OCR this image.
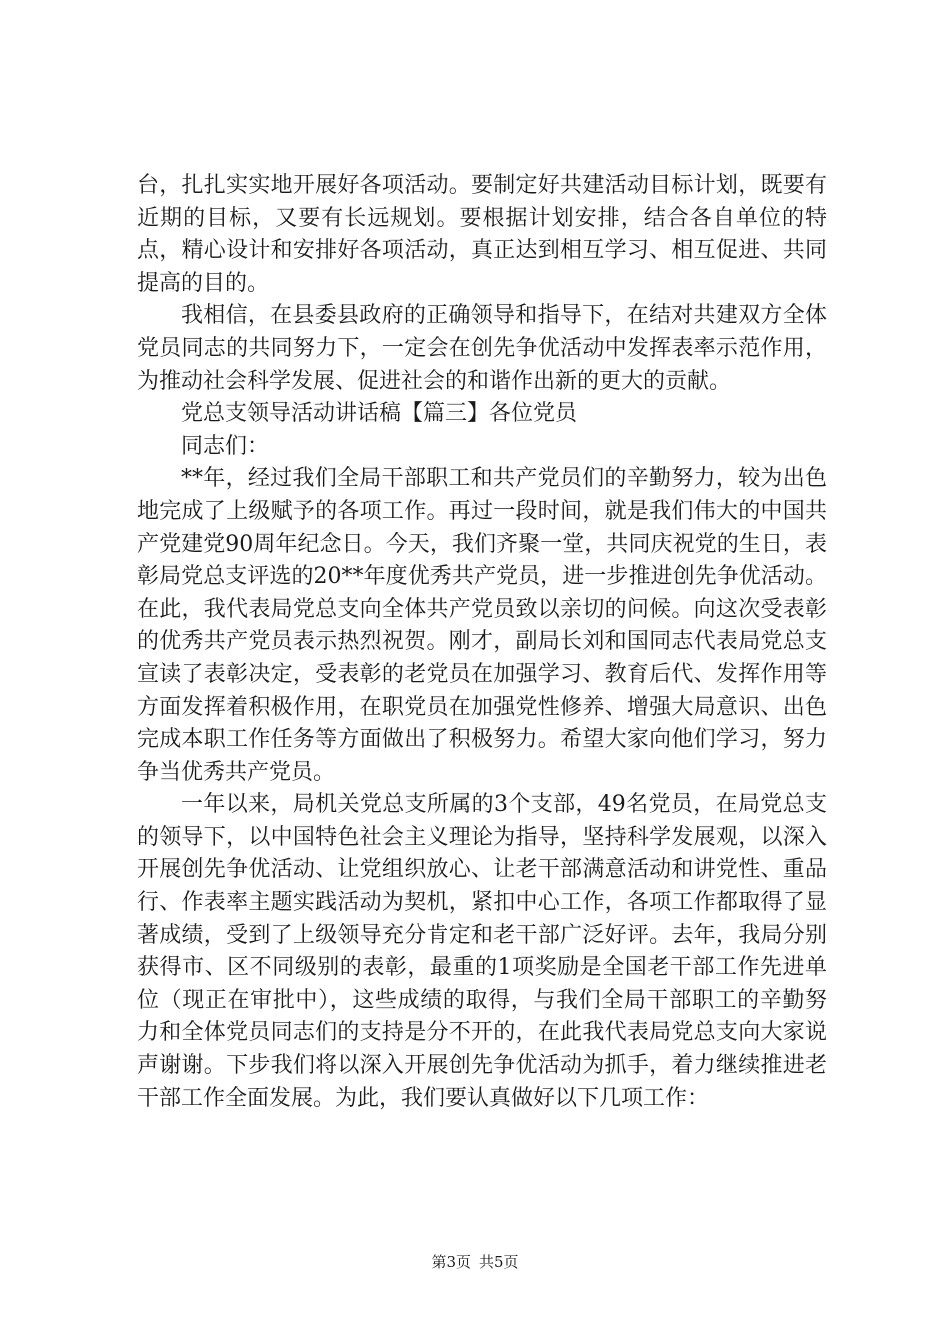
台，扎扎实实地开展好各项活动。要制定好共建活动目标计划，既要有近期的目标，又要有长远规划。要根据计划安排，结合各自单位的特点，精心设计和安排好各项活动，真正达到相互学习、相互促进、共同提高的目的。

我相信，在县委县政府的正确领导和指导下，在结对共建双方全体党员同志的共同努力下，一定会在创先争优活动中发挥表率示范作用，为推动社会科学发展、促进社会的和谐作出新的更大的贡献。

党总支领导活动讲话稿【篇三】各位党员

同志们：

**年，经过我们全局干部职工和共产党员们的辛勤努力，较为出色地完成了上级赋予的各项工作。再过一段时间，就是我们伟大的中国共产党建党90周年纪念日。今天，我们齐聚一堂，共同庆祝党的生日，表彰局党总支评选的20**年度优秀共产党员，进一步推进创先争优活动。在此，我代表局党总支向全体共产党员致以亲切的问候。向这次受表彰的优秀共产党员表示热烈祝贺。刚才，副局长刘和国同志代表局党总支宣读了表彰决定，受表彰的老党员在加强学习、教育后代、发挥作用等方面发挥着积极作用，在职党员在加强党性修养、增强大局意识、出色完成本职工作任务等方面做出了积极努力。希望大家向他们学习，努力争当优秀共产党员。

一年以来，局机关党总支所属的3个支部，49名党员，在局党总支的领导下，以中国特色社会主义理论为指导，坚持科学发展观，以深入开展创先争优活动、让党组织放心、让老干部满意活动和讲党性、重品行、作表率主题实践活动为契机，紧扣中心工作，各项工作都取得了显著成绩，受到了上级领导充分肯定和老干部广泛好评。去年，我局分别获得市、区不同级别的表彰，最重的1项奖励是全国老干部工作先进单位（现正在审批中），这些成绩的取得，与我们全局干部职工的辛勤努力和全体党员同志们的支持是分不开的，在此我代表局党总支向大家说声谢谢。下步我们将以深入开展创先争优活动为抓手，着力继续推进老干部工作全面发展。为此，我们要认真做好以下几项工作：

第3页 共5页
